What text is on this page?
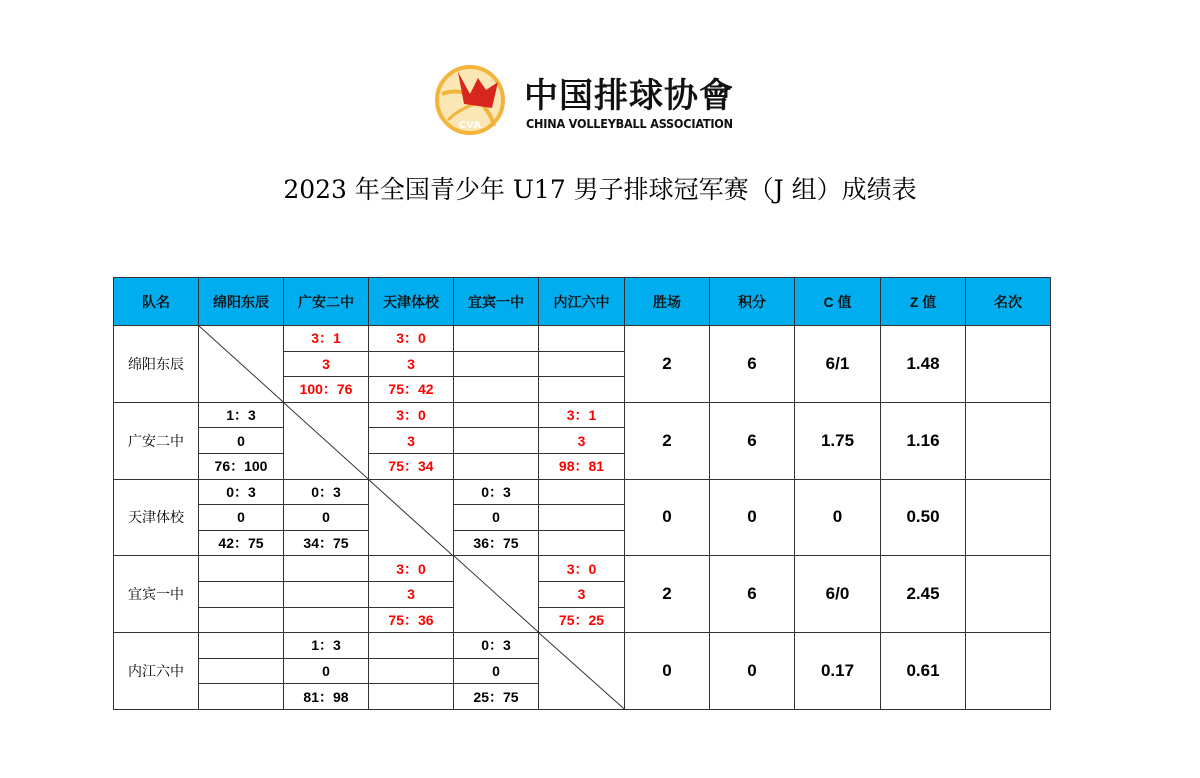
CVA
中国排球协會
CHINA VOLLEYBALL ASSOCIATION
2023 年全国青少年 U17 男子排球冠军赛（J 组）成绩表
队名	绵阳东辰	广安二中	天津体校	宜宾一中	内江六中	胜场	积分	C 值	Z 值	名次
绵阳东辰		3：1	3：0			2	6	6/1	1.48	
		3	3							
		100：76	75：42							
广安二中	1：3		3：0		3：1	2	6	1.75	1.16	
	0		3		3					
	76：100		75：34		98：81					
天津体校	0：3	0：3		0：3		0	0	0	0.50	
	0	0		0						
	42：75	34：75		36：75						
宜宾一中			3：0		3：0	2	6	6/0	2.45	
			3		3					
			75：36		75：25					
内江六中		1：3		0：3		0	0	0.17	0.61	
		0		0						
		81：98		25：75						
